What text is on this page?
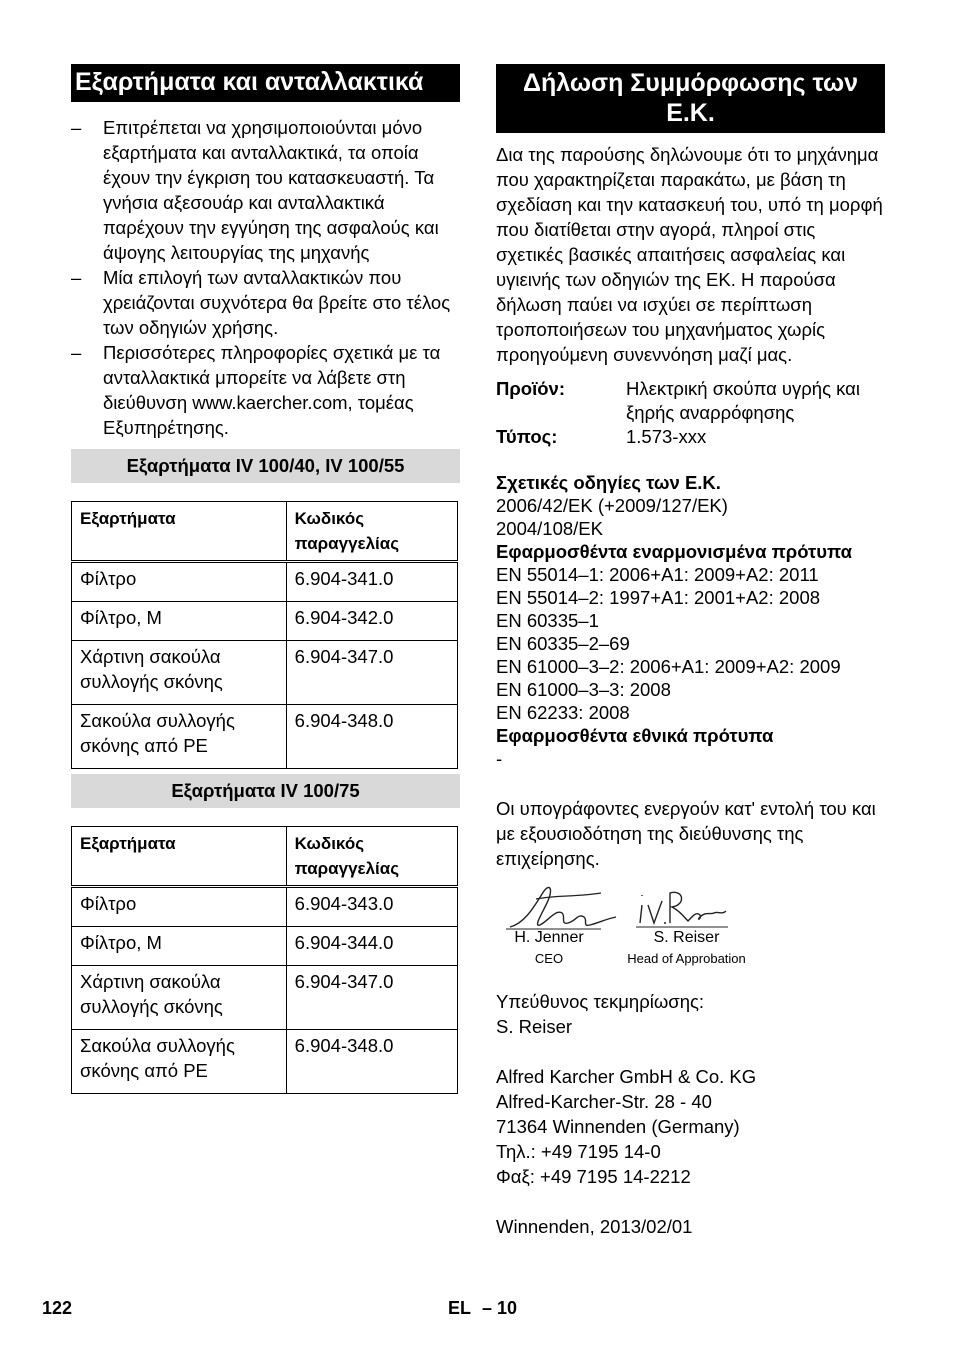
Εξαρτήματα και ανταλλακτικά
– Επιτρέπεται να χρησιμοποιούνται μόνο εξαρτήματα και ανταλλακτικά, τα οποία έχουν την έγκριση του κατασκευαστή. Τα γνήσια αξεσουάρ και ανταλλακτικά παρέχουν την εγγύηση της ασφαλούς και άψογης λειτουργίας της μηχανής
– Μία επιλογή των ανταλλακτικών που χρειάζονται συχνότερα θα βρείτε στο τέλος των οδηγιών χρήσης.
– Περισσότερες πληροφορίες σχετικά με τα ανταλλακτικά μπορείτε να λάβετε στη διεύθυνση www.kaercher.com, τομέας Εξυπηρέτησης.
Εξαρτήματα IV 100/40, IV 100/55
Εξαρτήματα	Κωδικός παραγγελίας
Φίλτρο	6.904-341.0
Φίλτρο, M	6.904-342.0
Χάρτινη σακούλα συλλογής σκόνης	6.904-347.0
Σακούλα συλλογής σκόνης από PE	6.904-348.0
Εξαρτήματα IV 100/75
Εξαρτήματα	Κωδικός παραγγελίας
Φίλτρο	6.904-343.0
Φίλτρο, M	6.904-344.0
Χάρτινη σακούλα συλλογής σκόνης	6.904-347.0
Σακούλα συλλογής σκόνης από PE	6.904-348.0
Δήλωση Συμμόρφωσης των Ε.Κ.
Δια της παρούσης δηλώνουμε ότι το μηχάνημα που χαρακτηρίζεται παρακάτω, με βάση τη σχεδίαση και την κατασκευή του, υπό τη μορφή που διατίθεται στην αγορά, πληροί στις σχετικές βασικές απαιτήσεις ασφαλείας και υγιεινής των οδηγιών της ΕΚ. Η παρούσα δήλωση παύει να ισχύει σε περίπτωση τροποποιήσεων του μηχανήματος χωρίς προηγούμενη συνεννόηση μαζί μας.
Προϊόν:	Ηλεκτρική σκούπα υγρής και ξηρής αναρρόφησης
Τύπος:	1.573-xxx
Σχετικές οδηγίες των Ε.Κ.
2006/42/ΕΚ (+2009/127/ΕΚ)
2004/108/ΕΚ
Εφαρμοσθέντα εναρμονισμένα πρότυπα
EN 55014–1: 2006+A1: 2009+A2: 2011
EN 55014–2: 1997+A1: 2001+A2: 2008
EN 60335–1
EN 60335–2–69
EN 61000–3–2: 2006+A1: 2009+A2: 2009
EN 61000–3–3: 2008
EN 62233: 2008
Εφαρμοσθέντα εθνικά πρότυπα
-
Οι υπογράφοντες ενεργούν κατ' εντολή του και με εξουσιοδότηση της διεύθυνσης της επιχείρησης.
H. Jenner
CEO
S. Reiser
Head of Approbation
Υπεύθυνος τεκμηρίωσης:
S. Reiser
Alfred Karcher GmbH & Co. KG
Alfred-Karcher-Str. 28 - 40
71364 Winnenden (Germany)
Τηλ.: +49 7195 14-0
Φαξ: +49 7195 14-2212
Winnenden, 2013/02/01
122	EL – 10
